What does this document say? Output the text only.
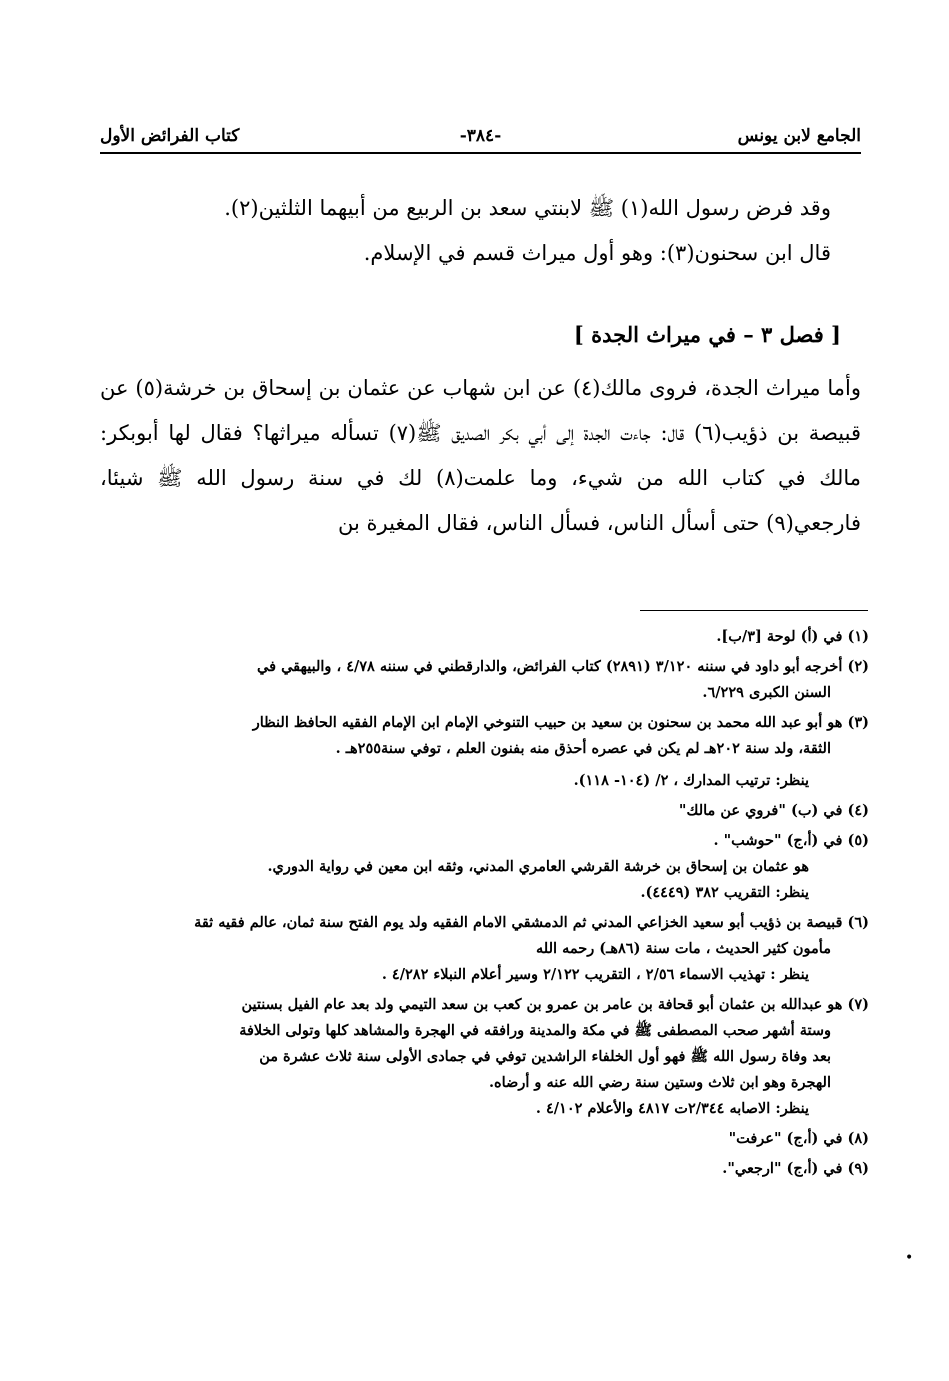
الجامع لابن يونس
-٣٨٤-
كتاب الفرائض الأول

وقد فرض رسول الله(١) ﷺ لابنتي سعد بن الربيع من أبيهما الثلثين(٢).

قال ابن سحنون(٣): وهو أول ميراث قسم في الإسلام.

[ فصل ٣ – في ميراث الجدة ]

وأما ميراث الجدة، فروى مالك(٤) عن ابن شهاب عن عثمان بن إسحاق بن خرشة(٥) عن قبيصة بن ذؤيب(٦) قال: جاءت الجدة إلى أبي بكر الصديق ﷺ(٧) تسأله ميراثها؟ فقال لها أبوبكر: مالك في كتاب الله من شيء، وما علمت(٨) لك في سنة رسول الله ﷺ شيئا، فارجعي(٩) حتى أسأل الناس، فسأل الناس، فقال المغيرة بن

(١) في (أ) لوحة [٣/ب].
(٢) أخرجه أبو داود في سننه ٣/١٢٠ (٢٨٩١) كتاب الفرائض، والدارقطني في سننه ٤/٧٨ ، والبيهقي في
السنن الكبرى ٦/٢٢٩.
(٣) هو أبو عبد الله محمد بن سحنون بن سعيد بن حبيب التنوخي الإمام ابن الإمام الفقيه الحافظ النظار
الثقة، ولد سنة ٢٠٢هـ لم يكن في عصره أحذق منه بفنون العلم ، توفي سنة٢٥٥هـ .
ينظر: ترتيب المدارك ، ٢/ (١٠٤- ١١٨).
(٤) في (ب) "فروي عن مالك"
(٥) في (أ،ج) "حوشب" .
هو عثمان بن إسحاق بن خرشة القرشي العامري المدني، وثقه ابن معين في رواية الدوري.
ينظر: التقريب ٣٨٢ (٤٤٤٩).
(٦) قبيصة بن ذؤيب أبو سعيد الخزاعي المدني ثم الدمشقي الامام الفقيه ولد يوم الفتح سنة ثمان، عالم فقيه ثقة
مأمون كثير الحديث ، مات سنة (٨٦هـ) رحمه الله
ينظر : تهذيب الاسماء ٢/٥٦ ، التقريب ٢/١٢٢ وسير أعلام النبلاء ٤/٢٨٢ .
(٧) هو عبدالله بن عثمان أبو قحافة بن عامر بن عمرو بن كعب بن سعد التيمي ولد بعد عام الفيل بسنتين
وستة أشهر صحب المصطفى ﷺ في مكة والمدينة ورافقه في الهجرة والمشاهد كلها وتولى الخلافة
بعد وفاة رسول الله ﷺ فهو أول الخلفاء الراشدين توفي في جمادى الأولى سنة ثلاث عشرة من
الهجرة وهو ابن ثلاث وستين سنة رضي الله عنه و أرضاه.
ينظر: الاصابه ٢/٣٤٤ت ٤٨١٧ والأعلام ٤/١٠٢ .
(٨) في (أ،ج) "عرفت"
(٩) في (أ،ج) "ارجعي".
•
